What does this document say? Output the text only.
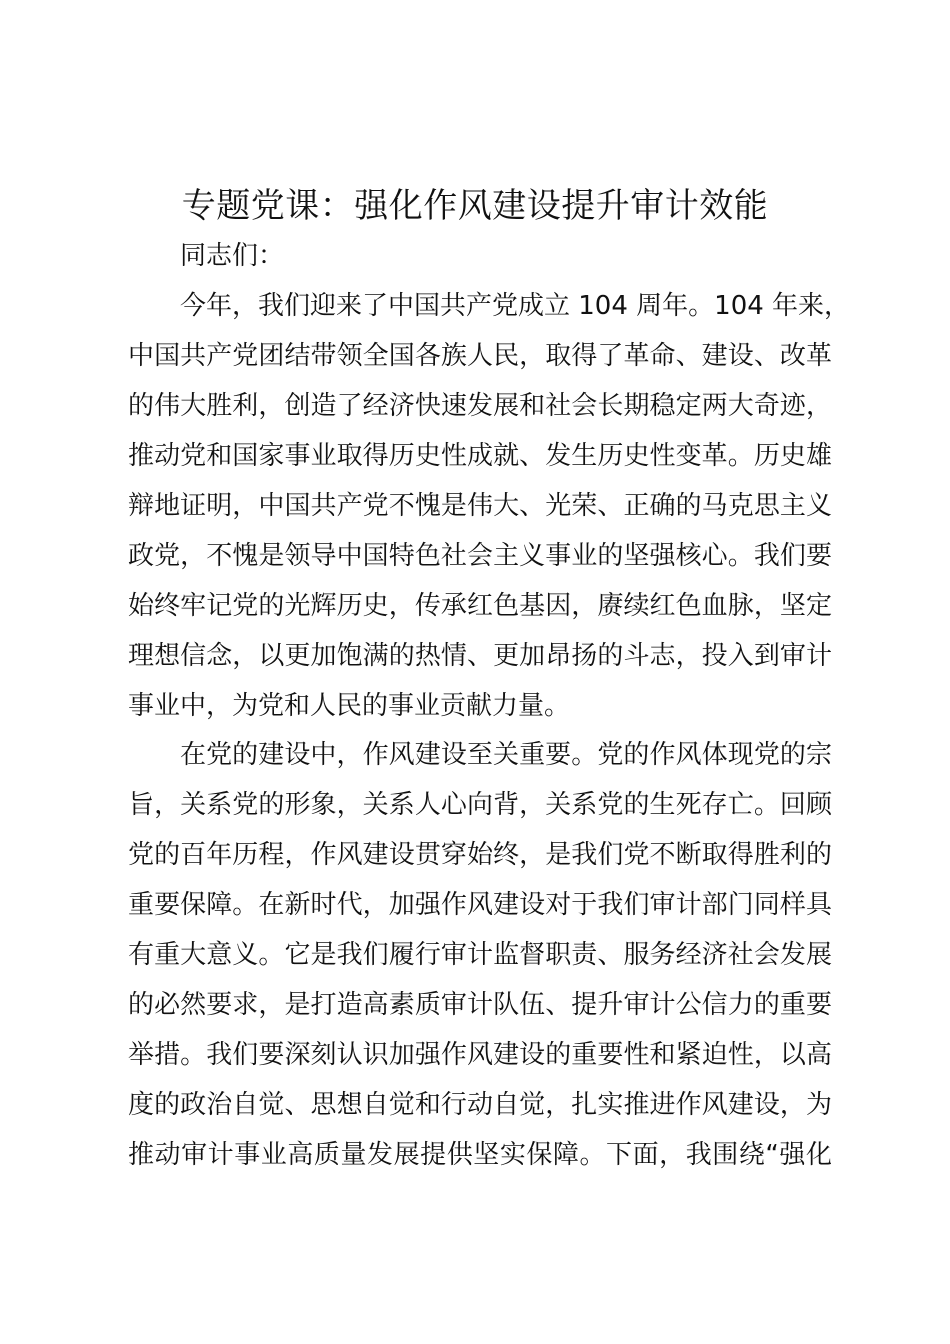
专题党课：强化作风建设提升审计效能
同志们：
今年，我们迎来了中国共产党成立 104 周年。104 年来，
中国共产党团结带领全国各族人民，取得了革命、建设、改革
的伟大胜利，创造了经济快速发展和社会长期稳定两大奇迹，
推动党和国家事业取得历史性成就、发生历史性变革。历史雄
辩地证明，中国共产党不愧是伟大、光荣、正确的马克思主义
政党，不愧是领导中国特色社会主义事业的坚强核心。我们要
始终牢记党的光辉历史，传承红色基因，赓续红色血脉，坚定
理想信念，以更加饱满的热情、更加昂扬的斗志，投入到审计
事业中，为党和人民的事业贡献力量。
在党的建设中，作风建设至关重要。党的作风体现党的宗
旨，关系党的形象，关系人心向背，关系党的生死存亡。回顾
党的百年历程，作风建设贯穿始终，是我们党不断取得胜利的
重要保障。在新时代，加强作风建设对于我们审计部门同样具
有重大意义。它是我们履行审计监督职责、服务经济社会发展
的必然要求，是打造高素质审计队伍、提升审计公信力的重要
举措。我们要深刻认识加强作风建设的重要性和紧迫性，以高
度的政治自觉、思想自觉和行动自觉，扎实推进作风建设，为
推动审计事业高质量发展提供坚实保障。下面，我围绕“强化
